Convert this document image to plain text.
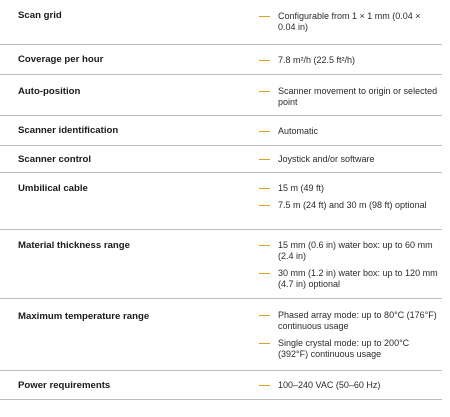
Scan grid	Configurable from 1 × 1 mm (0.04 × 0.04 in)
Coverage per hour	7.8 m²/h (22.5 ft²/h)
Auto-position	Scanner movement to origin or selected point
Scanner identification	Automatic
Scanner control	Joystick and/or software
Umbilical cable	15 m (49 ft)
7.5 m (24 ft) and 30 m (98 ft) optional
Material thickness range	15 mm (0.6 in) water box: up to 60 mm (2.4 in)
30 mm (1.2 in) water box: up to 120 mm (4.7 in) optional
Maximum temperature range	Phased array mode: up to 80°C (176°F) continuous usage
Single crystal mode: up to 200°C (392°F) continuous usage
Power requirements	100–240 VAC (50–60 Hz)
